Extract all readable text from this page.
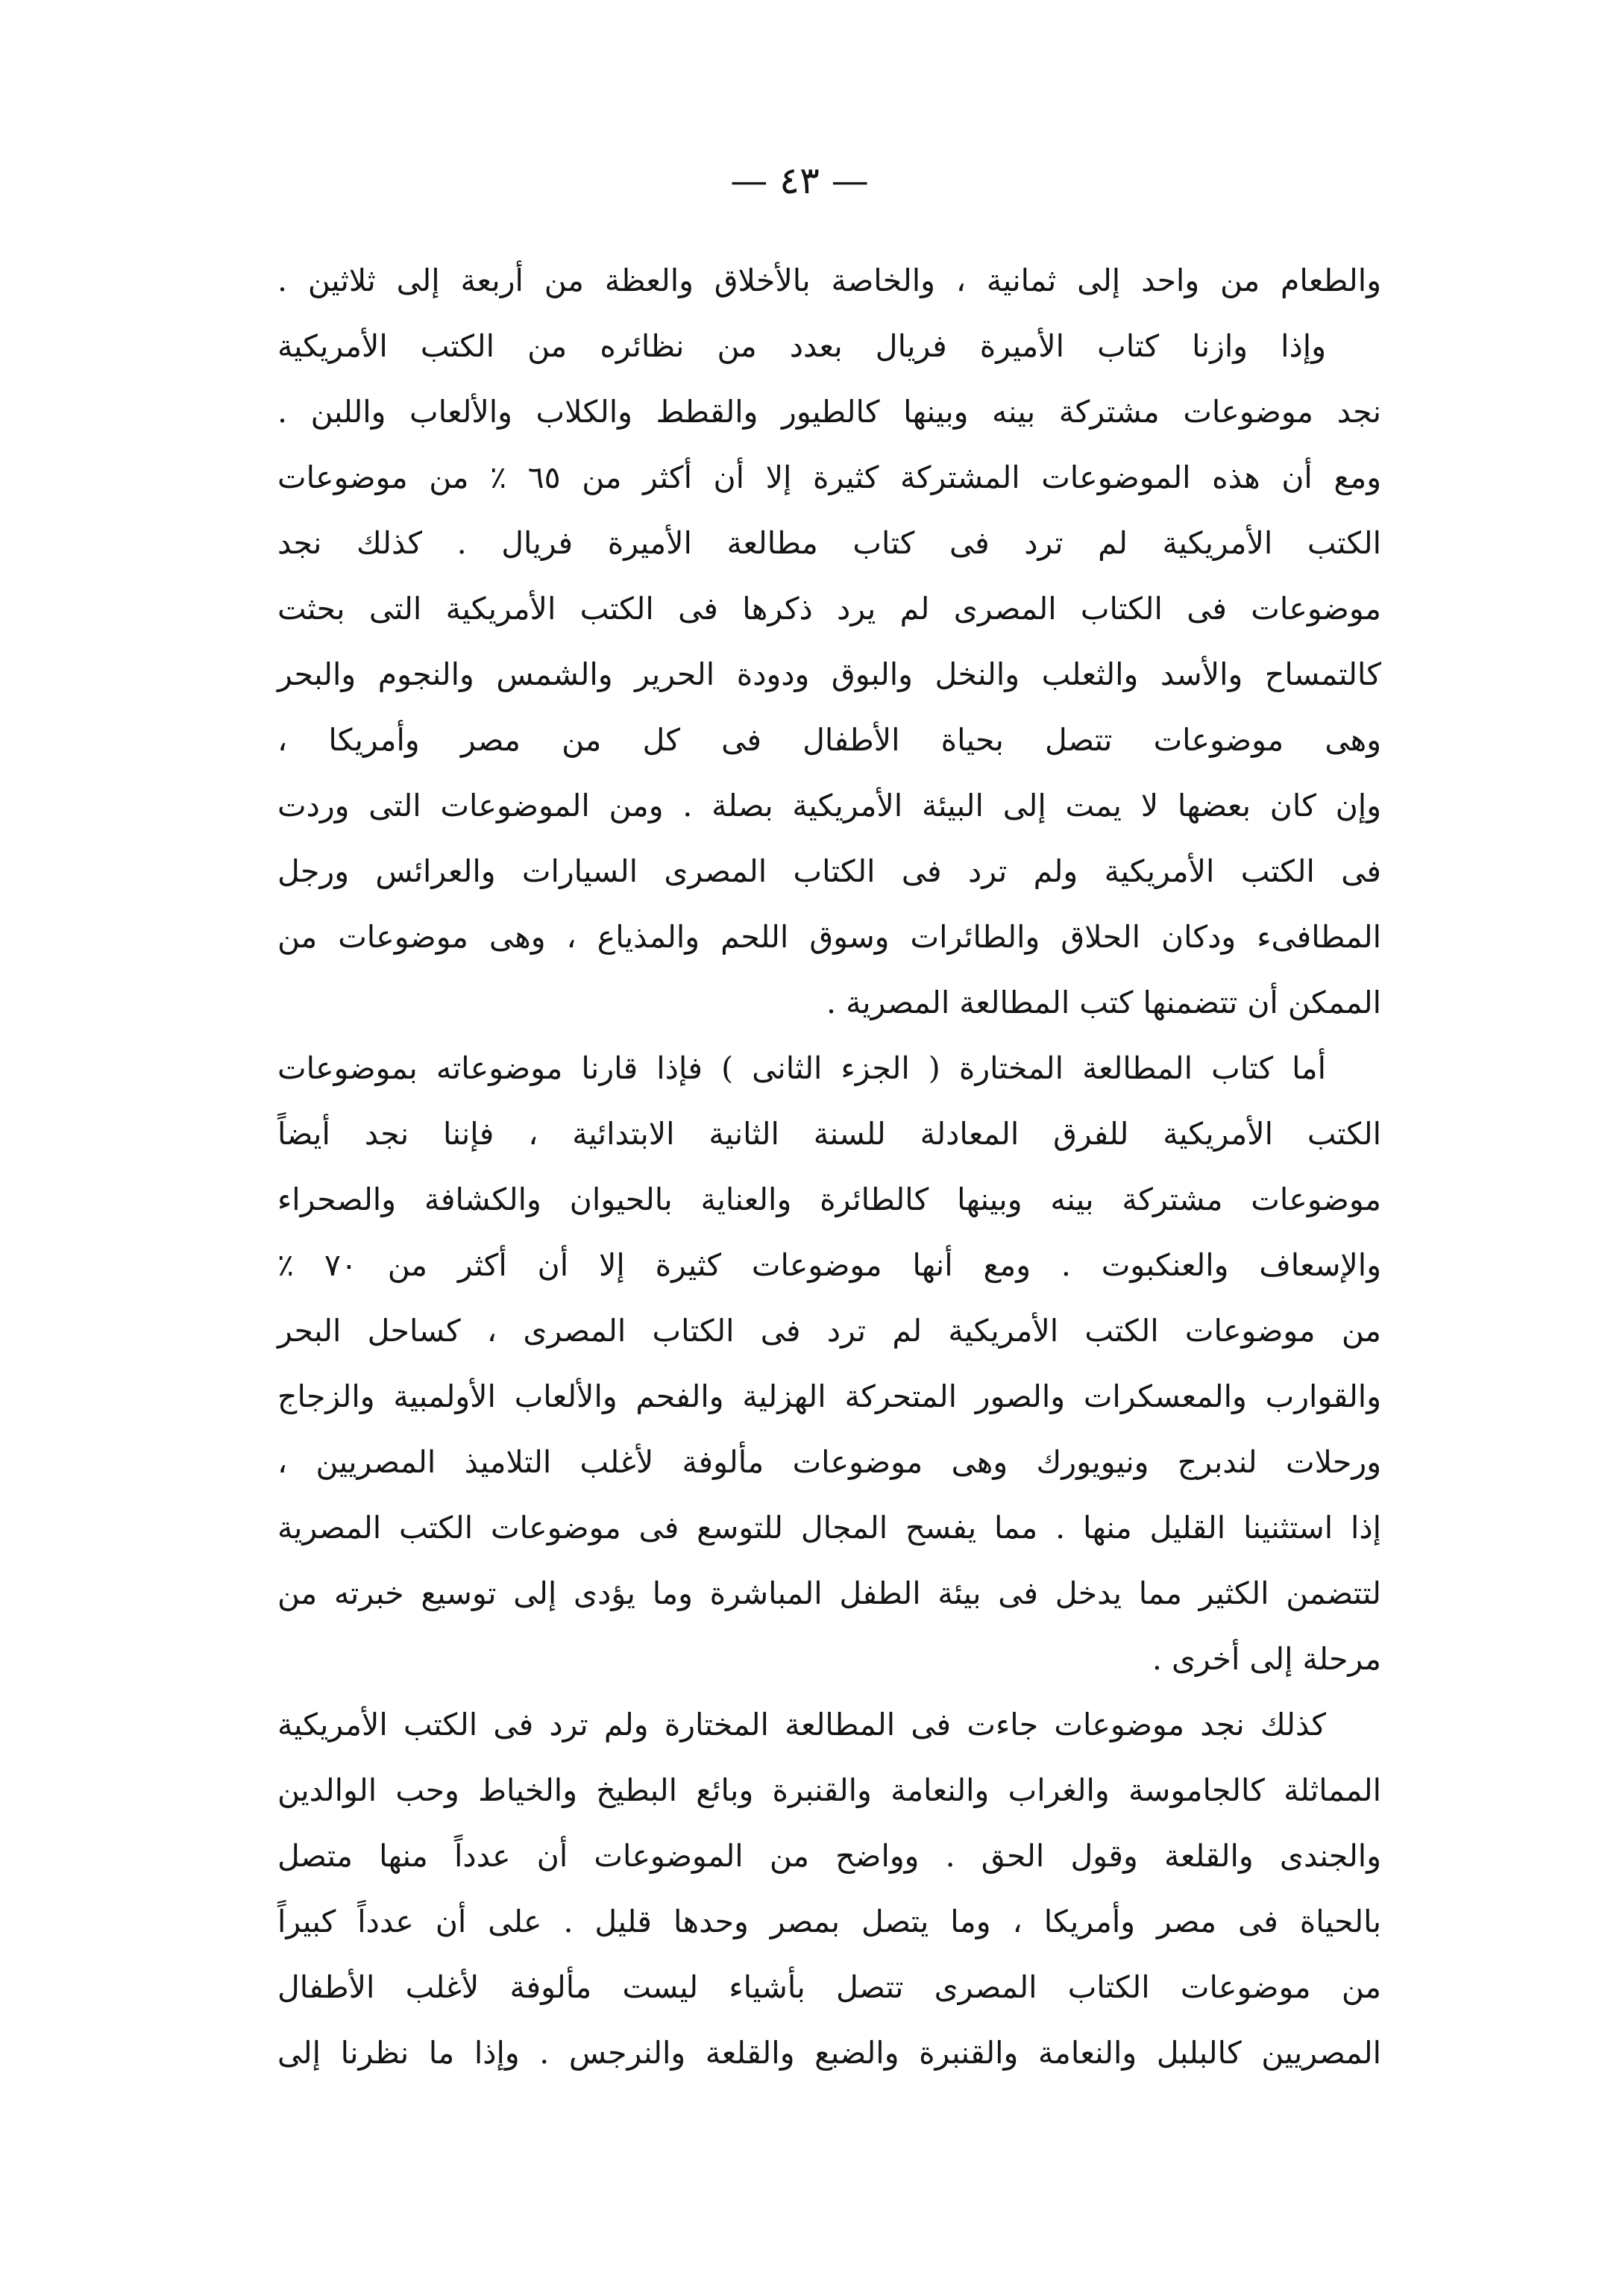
— ٤٣ —
والطعام من واحد إلى ثمانية ، والخاصة بالأخلاق والعظة من أربعة إلى ثلاثين .
وإذا وازنا كتاب الأميرة فريال بعدد من نظائره من الكتب الأمريكية
نجد موضوعات مشتركة بينه وبينها كالطيور والقطط والكلاب والألعاب واللبن .
ومع أن هذه الموضوعات المشتركة كثيرة إلا أن أكثر من ٦٥ ٪ من موضوعات
الكتب الأمريكية لم ترد فى كتاب مطالعة الأميرة فريال . كذلك نجد
موضوعات فى الكتاب المصرى لم يرد ذكرها فى الكتب الأمريكية التى بحثت
كالتمساح والأسد والثعلب والنخل والبوق ودودة الحرير والشمس والنجوم والبحر
وهى موضوعات تتصل بحياة الأطفال فى كل من مصر وأمريكا ،
وإن كان بعضها لا يمت إلى البيئة الأمريكية بصلة . ومن الموضوعات التى وردت
فى الكتب الأمريكية ولم ترد فى الكتاب المصرى السيارات والعرائس ورجل
المطافىء ودكان الحلاق والطائرات وسوق اللحم والمذياع ، وهى موضوعات من
الممكن أن تتضمنها كتب المطالعة المصرية .
أما كتاب المطالعة المختارة ( الجزء الثانى ) فإذا قارنا موضوعاته بموضوعات
الكتب الأمريكية للفرق المعادلة للسنة الثانية الابتدائية ، فإننا نجد أيضاً
موضوعات مشتركة بينه وبينها كالطائرة والعناية بالحيوان والكشافة والصحراء
والإسعاف والعنكبوت . ومع أنها موضوعات كثيرة إلا أن أكثر من ٧٠ ٪
من موضوعات الكتب الأمريكية لم ترد فى الكتاب المصرى ، كساحل البحر
والقوارب والمعسكرات والصور المتحركة الهزلية والفحم والألعاب الأولمبية والزجاج
ورحلات لندبرج ونيويورك وهى موضوعات مألوفة لأغلب التلاميذ المصريين ،
إذا استثنينا القليل منها . مما يفسح المجال للتوسع فى موضوعات الكتب المصرية
لتتضمن الكثير مما يدخل فى بيئة الطفل المباشرة وما يؤدى إلى توسيع خبرته من
مرحلة إلى أخرى .
كذلك نجد موضوعات جاءت فى المطالعة المختارة ولم ترد فى الكتب الأمريكية
المماثلة كالجاموسة والغراب والنعامة والقنبرة وبائع البطيخ والخياط وحب الوالدين
والجندى والقلعة وقول الحق . وواضح من الموضوعات أن عدداً منها متصل
بالحياة فى مصر وأمريكا ، وما يتصل بمصر وحدها قليل . على أن عدداً كبيراً
من موضوعات الكتاب المصرى تتصل بأشياء ليست مألوفة لأغلب الأطفال
المصريين كالبلبل والنعامة والقنبرة والضبع والقلعة والنرجس . وإذا ما نظرنا إلى
